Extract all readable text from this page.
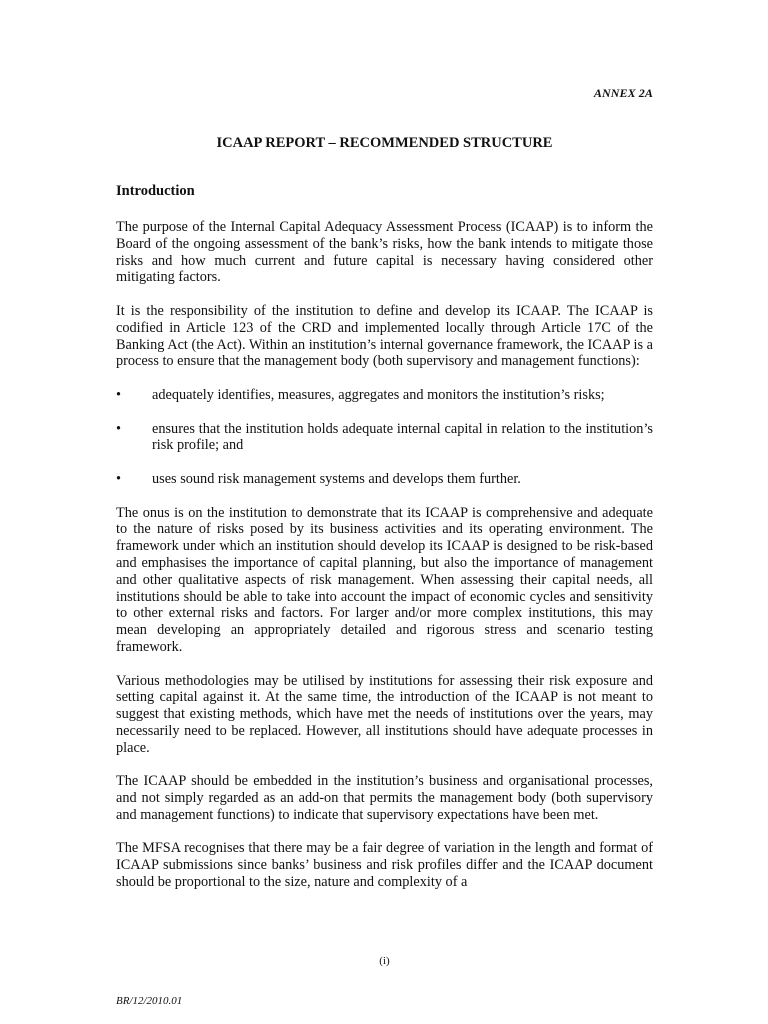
ANNEX 2A
ICAAP REPORT – RECOMMENDED STRUCTURE
Introduction

The purpose of the Internal Capital Adequacy Assessment Process (ICAAP) is to inform the Board of the ongoing assessment of the bank’s risks, how the bank intends to mitigate those risks and how much current and future capital is necessary having considered other mitigating factors.

It is the responsibility of the institution to define and develop its ICAAP. The ICAAP is codified in Article 123 of the CRD and implemented locally through Article 17C of the Banking Act (the Act). Within an institution’s internal governance framework, the ICAAP is a process to ensure that the management body (both supervisory and management functions):

•	adequately identifies, measures, aggregates and monitors the institution’s risks;
•	ensures that the institution holds adequate internal capital in relation to the institution’s risk profile; and
•	uses sound risk management systems and develops them further.

The onus is on the institution to demonstrate that its ICAAP is comprehensive and adequate to the nature of risks posed by its business activities and its operating environment. The framework under which an institution should develop its ICAAP is designed to be risk-based and emphasises the importance of capital planning, but also the importance of management and other qualitative aspects of risk management. When assessing their capital needs, all institutions should be able to take into account the impact of economic cycles and sensitivity to other external risks and factors. For larger and/or more complex institutions, this may mean developing an appropriately detailed and rigorous stress and scenario testing framework.

Various methodologies may be utilised by institutions for assessing their risk exposure and setting capital against it. At the same time, the introduction of the ICAAP is not meant to suggest that existing methods, which have met the needs of institutions over the years, may necessarily need to be replaced. However, all institutions should have adequate processes in place.

The ICAAP should be embedded in the institution’s business and organisational processes, and not simply regarded as an add-on that permits the management body (both supervisory and management functions) to indicate that supervisory expectations have been met.

The MFSA recognises that there may be a fair degree of variation in the length and format of ICAAP submissions since banks’ business and risk profiles differ and the ICAAP document should be proportional to the size, nature and complexity of a

(i)
BR/12/2010.01
